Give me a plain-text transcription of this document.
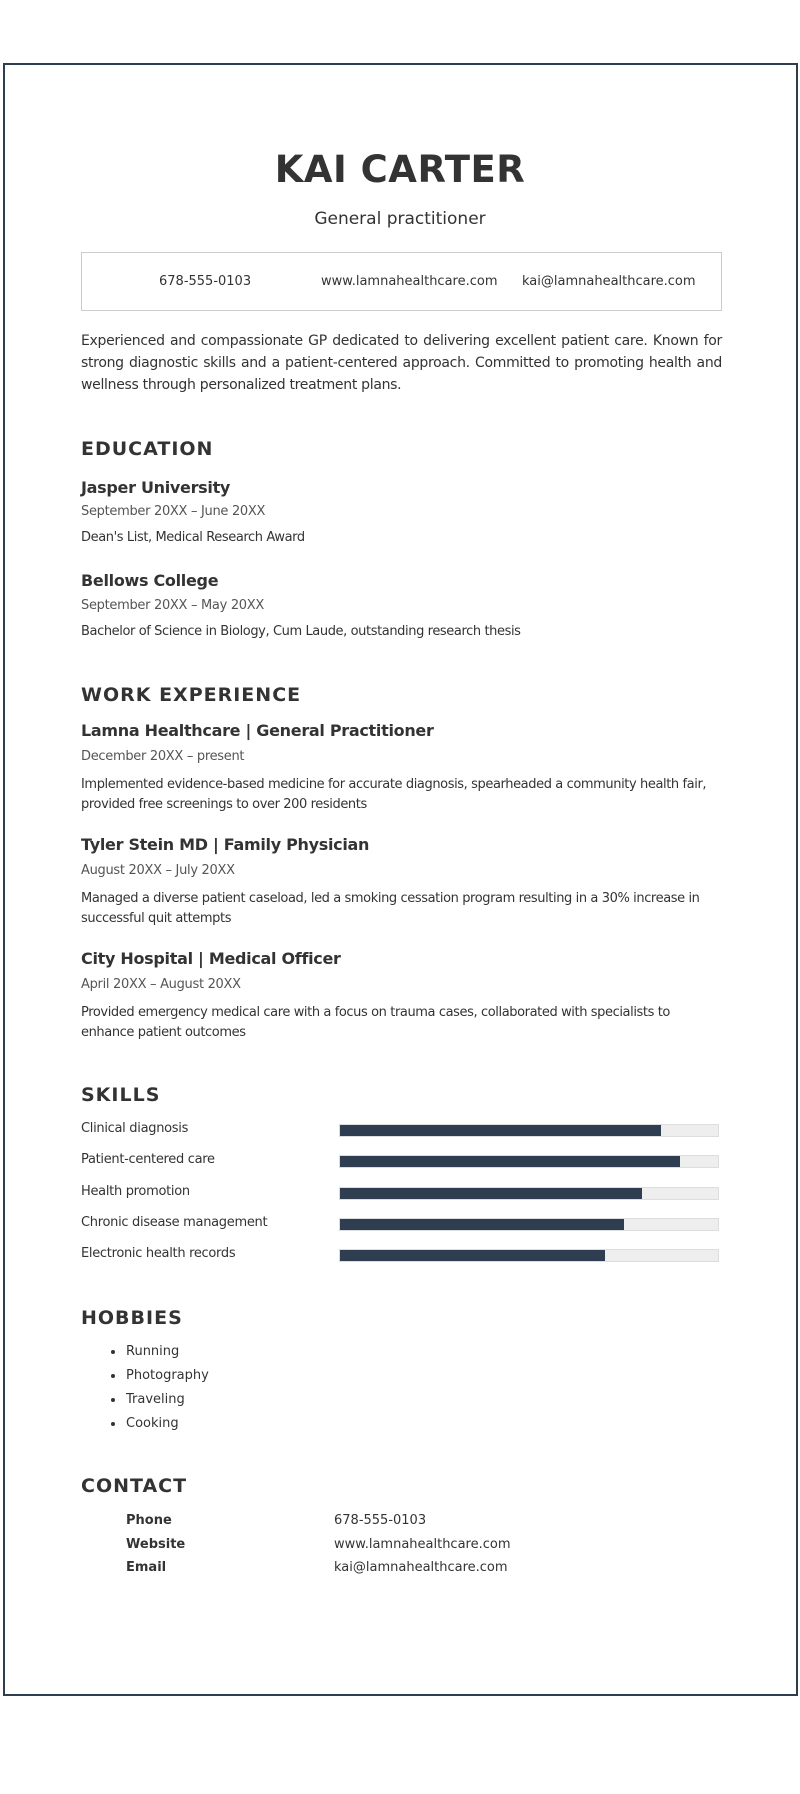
KAI CARTER
General practitioner
678-555-0103	www.lamnahealthcare.com kai@lamnahealthcare.com
Experienced and compassionate GP dedicated to delivering excellent patient care. Known for strong diagnostic skills and a patient-centered approach. Committed to promoting health and wellness through personalized treatment plans.
EDUCATION
Jasper University
September 20XX – June 20XX
Dean's List, Medical Research Award
Bellows College
September 20XX – May 20XX
Bachelor of Science in Biology, Cum Laude, outstanding research thesis
WORK EXPERIENCE
Lamna Healthcare | General Practitioner
December 20XX – present
Implemented evidence-based medicine for accurate diagnosis, spearheaded a community health fair, provided free screenings to over 200 residents
Tyler Stein MD | Family Physician
August 20XX – July 20XX
Managed a diverse patient caseload, led a smoking cessation program resulting in a 30% increase in successful quit attempts
City Hospital | Medical Officer
April 20XX – August 20XX
Provided emergency medical care with a focus on trauma cases, collaborated with specialists to enhance patient outcomes
SKILLS
Clinical diagnosis
Patient-centered care
Health promotion
Chronic disease management
Electronic health records
HOBBIES
Running
Photography
Traveling
Cooking
CONTACT
Phone	678-555-0103
Website	www.lamnahealthcare.com
Email	kai@lamnahealthcare.com
